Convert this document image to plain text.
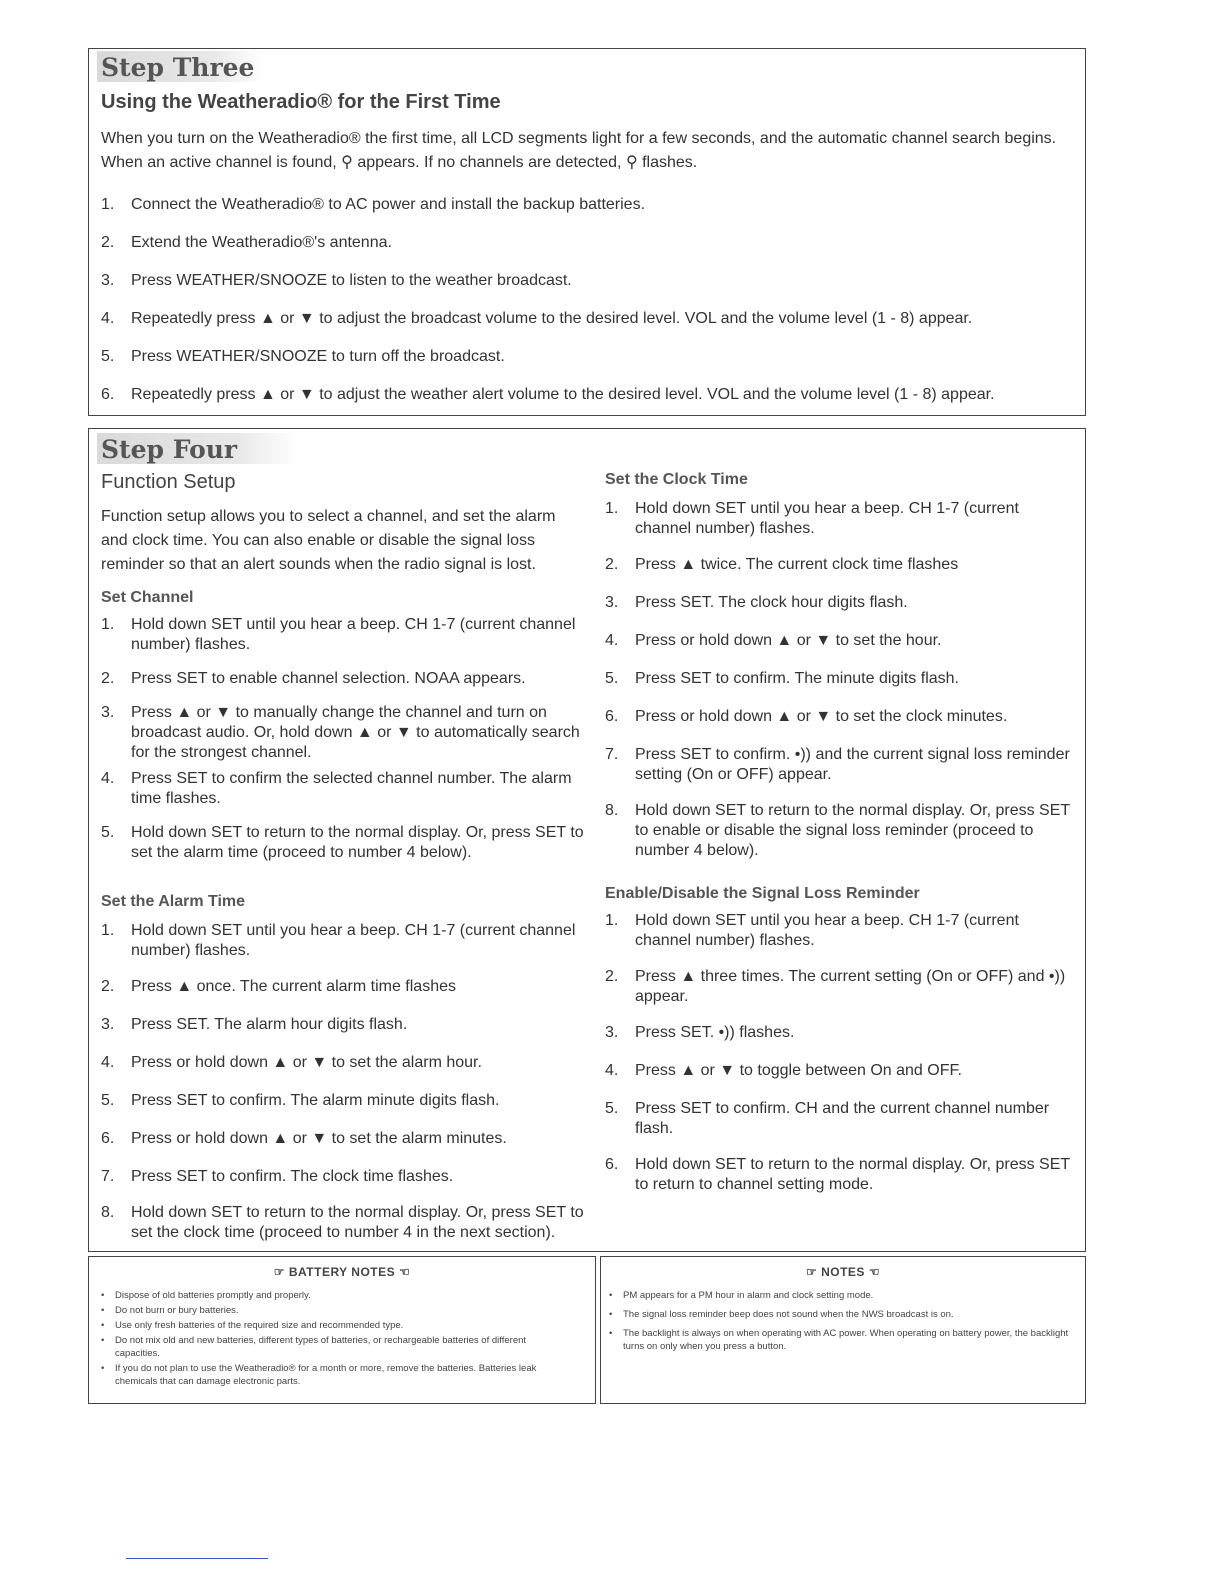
Step Three
Using the Weatheradio® for the First Time

When you turn on the Weatheradio® the first time, all LCD segments light for a few seconds, and the automatic channel search begins. When an active channel is found, ⚲ appears. If no channels are detected, ⚲ flashes.

1. Connect the Weatheradio® to AC power and install the backup batteries.
2. Extend the Weatheradio®'s antenna.
3. Press WEATHER/SNOOZE to listen to the weather broadcast.
4. Repeatedly press ▲ or ▼ to adjust the broadcast volume to the desired level. VOL and the volume level (1 - 8) appear.
5. Press WEATHER/SNOOZE to turn off the broadcast.
6. Repeatedly press ▲ or ▼ to adjust the weather alert volume to the desired level. VOL and the volume level (1 - 8) appear.
Step Four
Function Setup

Function setup allows you to select a channel, and set the alarm and clock time. You can also enable or disable the signal loss reminder so that an alert sounds when the radio signal is lost.

Set Channel
1. Hold down SET until you hear a beep. CH 1-7 (current channel number) flashes.
2. Press SET to enable channel selection. NOAA appears.
3. Press ▲ or ▼ to manually change the channel and turn on broadcast audio. Or, hold down ▲ or ▼ to automatically search for the strongest channel.
4. Press SET to confirm the selected channel number. The alarm time flashes.
5. Hold down SET to return to the normal display. Or, press SET to set the alarm time (proceed to number 4 below).
Set the Alarm Time
1. Hold down SET until you hear a beep. CH 1-7 (current channel number) flashes.
2. Press ▲ once. The current alarm time flashes
3. Press SET. The alarm hour digits flash.
4. Press or hold down ▲ or ▼ to set the alarm hour.
5. Press SET to confirm. The alarm minute digits flash.
6. Press or hold down ▲ or ▼ to set the alarm minutes.
7. Press SET to confirm. The clock time flashes.
8. Hold down SET to return to the normal display. Or, press SET to set the clock time (proceed to number 4 in the next section).
Set the Clock Time
1. Hold down SET until you hear a beep. CH 1-7 (current channel number) flashes.
2. Press ▲ twice. The current clock time flashes
3. Press SET. The clock hour digits flash.
4. Press or hold down ▲ or ▼ to set the hour.
5. Press SET to confirm. The minute digits flash.
6. Press or hold down ▲ or ▼ to set the clock minutes.
7. Press SET to confirm. •)) and the current signal loss reminder setting (On or OFF) appear.
8. Hold down SET to return to the normal display. Or, press SET to enable or disable the signal loss reminder (proceed to number 4 below).
Enable/Disable the Signal Loss Reminder
1. Hold down SET until you hear a beep. CH 1-7 (current channel number) flashes.
2. Press ▲ three times. The current setting (On or OFF) and •)) appear.
3. Press SET. •)) flashes.
4. Press ▲ or ▼ to toggle between On and OFF.
5. Press SET to confirm. CH and the current channel number flash.
6. Hold down SET to return to the normal display. Or, press SET to return to channel setting mode.
☞ BATTERY NOTES ☜
• Dispose of old batteries promptly and properly.
• Do not burn or bury batteries.
• Use only fresh batteries of the required size and recommended type.
• Do not mix old and new batteries, different types of batteries, or rechargeable batteries of different capacities.
• If you do not plan to use the Weatheradio® for a month or more, remove the batteries. Batteries leak chemicals that can damage electronic parts.
☞ NOTES ☜
• PM appears for a PM hour in alarm and clock setting mode.
• The signal loss reminder beep does not sound when the NWS broadcast is on.
• The backlight is always on when operating with AC power. When operating on battery power, the backlight turns on only when you press a button.
